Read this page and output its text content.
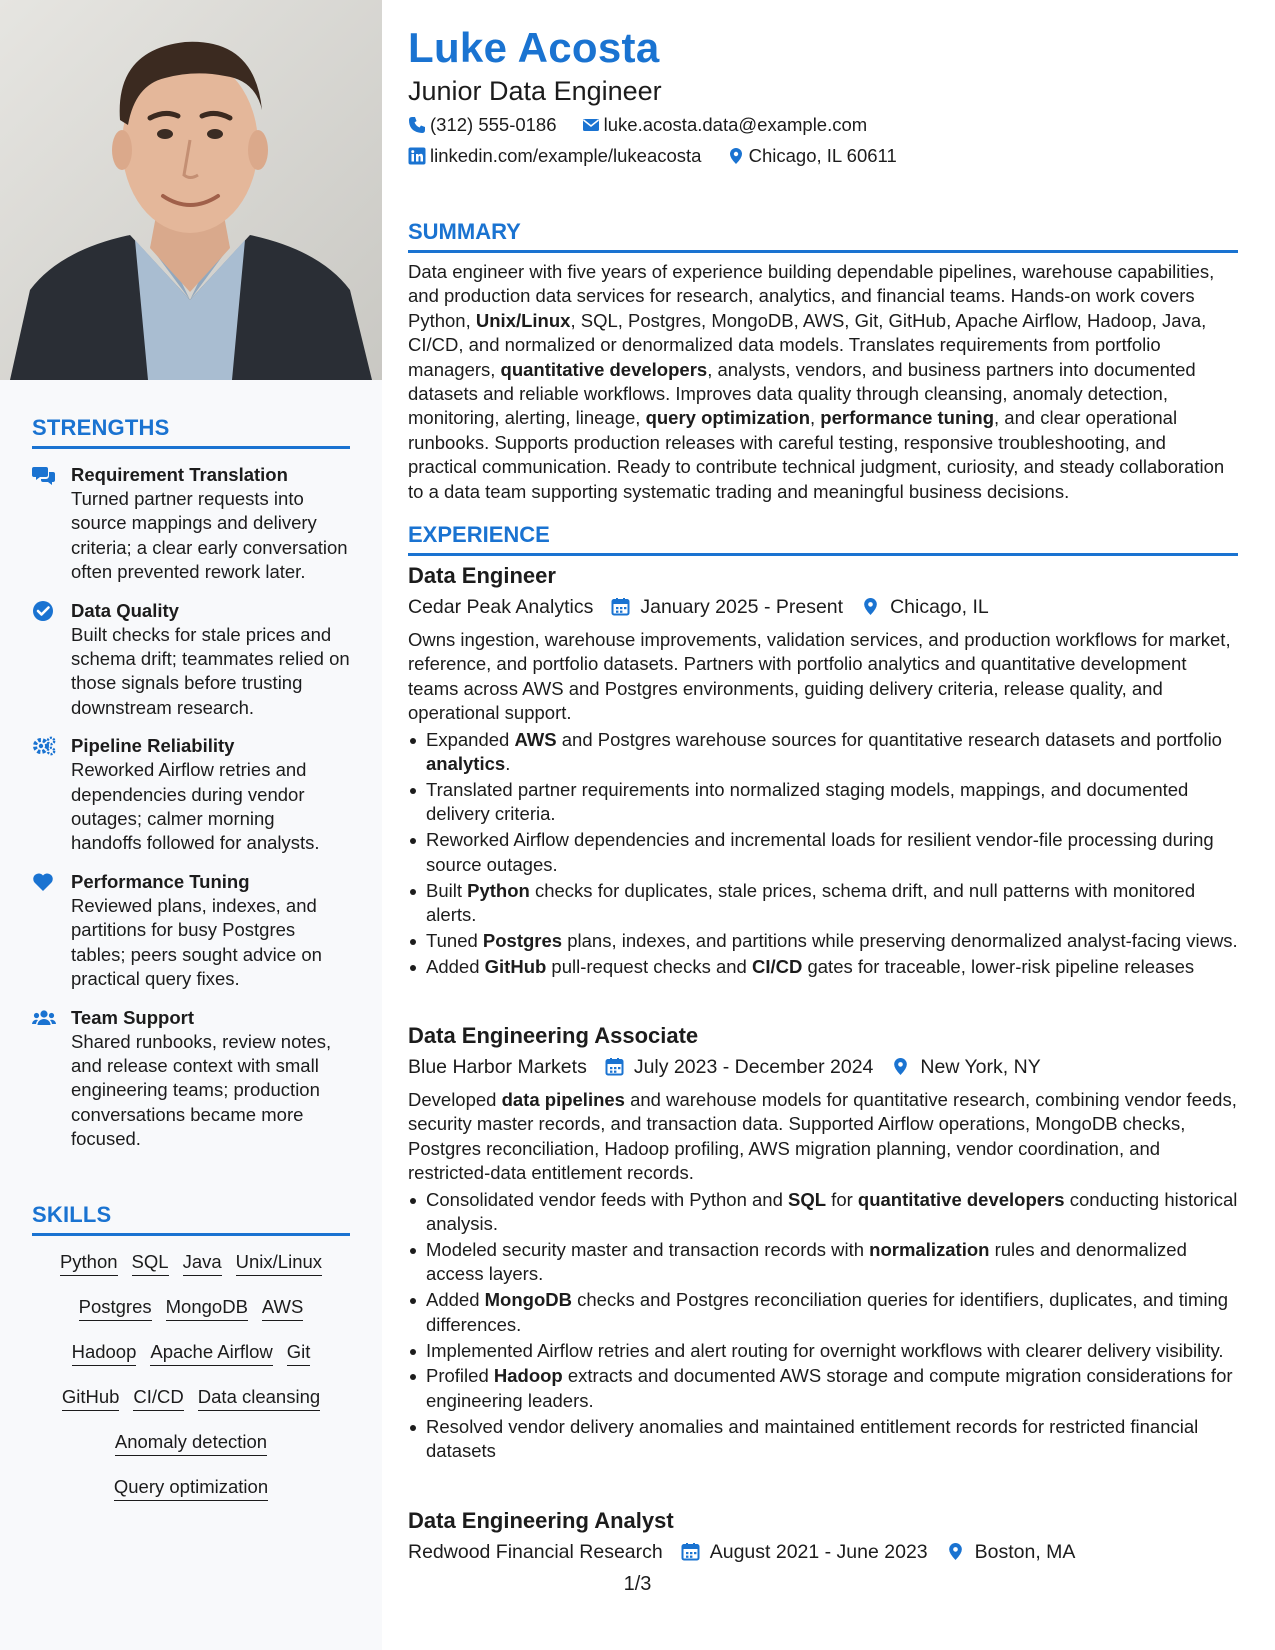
STRENGTHS
Requirement Translation
Turned partner requests into source mappings and delivery criteria; a clear early conversation often prevented rework later.
Data Quality
Built checks for stale prices and schema drift; teammates relied on those signals before trusting downstream research.
Pipeline Reliability
Reworked Airflow retries and dependencies during vendor outages; calmer morning handoffs followed for analysts.
Performance Tuning
Reviewed plans, indexes, and partitions for busy Postgres tables; peers sought advice on practical query fixes.
Team Support
Shared runbooks, review notes, and release context with small engineering teams; production conversations became more focused.
SKILLS
Python SQL Java Unix/Linux
Postgres MongoDB AWS
Hadoop Apache Airflow Git
GitHub CI/CD Data cleansing
Anomaly detection
Query optimization
Luke Acosta
Junior Data Engineer
(312) 555-0186	luke.acosta.data@example.com
linkedin.com/example/lukeacosta	Chicago, IL 60611
SUMMARY
Data engineer with five years of experience building dependable pipelines, warehouse capabilities, and production data services for research, analytics, and financial teams. Hands-on work covers Python, Unix/Linux, SQL, Postgres, MongoDB, AWS, Git, GitHub, Apache Airflow, Hadoop, Java, CI/CD, and normalized or denormalized data models. Translates requirements from portfolio managers, quantitative developers, analysts, vendors, and business partners into documented datasets and reliable workflows. Improves data quality through cleansing, anomaly detection, monitoring, alerting, lineage, query optimization, performance tuning, and clear operational runbooks. Supports production releases with careful testing, responsive troubleshooting, and practical communication. Ready to contribute technical judgment, curiosity, and steady collaboration to a data team supporting systematic trading and meaningful business decisions.
EXPERIENCE
Data Engineer
Cedar Peak Analytics January 2025 - Present Chicago, IL
Owns ingestion, warehouse improvements, validation services, and production workflows for market, reference, and portfolio datasets. Partners with portfolio analytics and quantitative development teams across AWS and Postgres environments, guiding delivery criteria, release quality, and operational support.
Expanded AWS and Postgres warehouse sources for quantitative research datasets and portfolio analytics.
Translated partner requirements into normalized staging models, mappings, and documented delivery criteria.
Reworked Airflow dependencies and incremental loads for resilient vendor-file processing during source outages.
Built Python checks for duplicates, stale prices, schema drift, and null patterns with monitored alerts.
Tuned Postgres plans, indexes, and partitions while preserving denormalized analyst-facing views.
Added GitHub pull-request checks and CI/CD gates for traceable, lower-risk pipeline releases
Data Engineering Associate
Blue Harbor Markets July 2023 - December 2024 New York, NY
Developed data pipelines and warehouse models for quantitative research, combining vendor feeds, security master records, and transaction data. Supported Airflow operations, MongoDB checks, Postgres reconciliation, Hadoop profiling, AWS migration planning, vendor coordination, and restricted-data entitlement records.
Consolidated vendor feeds with Python and SQL for quantitative developers conducting historical analysis.
Modeled security master and transaction records with normalization rules and denormalized access layers.
Added MongoDB checks and Postgres reconciliation queries for identifiers, duplicates, and timing differences.
Implemented Airflow retries and alert routing for overnight workflows with clearer delivery visibility.
Profiled Hadoop extracts and documented AWS storage and compute migration considerations for engineering leaders.
Resolved vendor delivery anomalies and maintained entitlement records for restricted financial datasets
Data Engineering Analyst
Redwood Financial Research August 2021 - June 2023 Boston, MA
1/3
